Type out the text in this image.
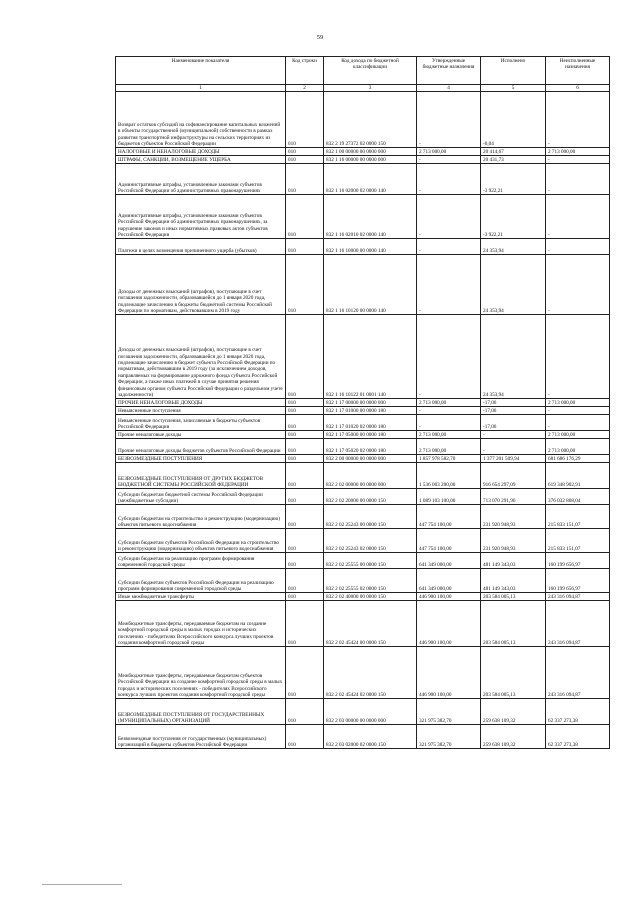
59
Наименование показателя	Код строки	Код дохода по бюджетной классификации	Утвержденные бюджетные назначения	Исполнено	Неисполненные назначения
1	2	3	4	5	6
Возврат остатков субсидий на софинансирование капитальных вложений в объекты государственной (муниципальной) собственности в рамках развития транспортной инфраструктуры на сельских территориях из бюджетов субъектов Российской Федерации	010	832 2 19 27372 02 0000 150	-	-0,04	-
НАЛОГОВЫЕ И НЕНАЛОГОВЫЕ ДОХОДЫ	010	832 1 00 00000 00 0000 000	2 713 000,00	20 414,67	2 713 000,00
ШТРАФЫ, САНКЦИИ, ВОЗМЕЩЕНИЕ УЩЕРБА	010	832 1 16 00000 00 0000 000	-	20 431,73	-
Административные штрафы, установленные законами субъектов Российской Федерации об административных правонарушениях	010	832 1 16 02000 02 0000 140	-	-3 922,21	-
Административные штрафы, установленные законами субъектов Российской Федерации об административных правонарушениях, за нарушение законов и иных нормативных правовых актов субъектов Российской Федерации	010	832 1 16 02010 02 0000 140	-	-3 922,21	-
Платежи в целях возмещения причиненного ущерба (убытков)	010	832 1 16 10000 00 0000 140	-	24 353,94	-
Доходы от денежных взысканий (штрафов), поступающие в счет погашения задолженности, образовавшейся до 1 января 2020 года, подлежащие зачислению в бюджеты бюджетной системы Российской Федерации по нормативам, действовавшим в 2019 году	010	832 1 16 10120 00 0000 140	-	24 353,94	-
Доходы от денежных взысканий (штрафов), поступающие в счет погашения задолженности, образовавшейся до 1 января 2020 года, подлежащие зачислению в бюджет субъекта Российской Федерации по нормативам, действовавшим в 2019 году (за исключением доходов, направляемых на формирование дорожного фонда субъекта Российской Федерации, а также иных платежей в случае принятия решения финансовым органом субъекта Российской Федерации о раздельном учете задолженности)	010	832 1 16 10122 01 0001 140	-	24 353,94	-
ПРОЧИЕ НЕНАЛОГОВЫЕ ДОХОДЫ	010	832 1 17 00000 00 0000 000	2 713 000,00	-17,06	2 713 000,00
Невыясненные поступления	010	832 1 17 01000 00 0000 180	-	-17,06	-
Невыясненные поступления, зачисляемые в бюджеты субъектов Российской Федерации	010	832 1 17 01020 02 0000 180	-	-17,06	-
Прочие неналоговые доходы	010	832 1 17 05000 00 0000 180	2 713 000,00	-	2 713 000,00
Прочие неналоговые доходы бюджетов субъектов Российской Федерации	010	832 1 17 05020 02 0000 180	2 713 000,00	-	2 713 000,00
БЕЗВОЗМЕЗДНЫЕ ПОСТУПЛЕНИЯ	010	832 2 00 00000 00 0000 000	1 857 978 582,70	1 377 201 509,94	681 686 176,29
БЕЗВОЗМЕЗДНЫЕ ПОСТУПЛЕНИЯ ОТ ДРУГИХ БЮДЖЕТОВ БЮДЖЕТНОЙ СИСТЕМЫ РОССИЙСКОЙ ФЕДЕРАЦИИ	010	832 2 02 00000 00 0000 000	1 536 003 200,00	916 654 297,09	619 348 902,91
Субсидии бюджетам бюджетной системы Российской Федерации (межбюджетные субсидии)	010	832 2 02 20000 00 0000 150	1 089 103 100,00	713 070 291,96	376 032 808,04
Субсидии бюджетам на строительство и реконструкцию (модернизацию) объектов питьевого водоснабжения	010	832 2 02 25243 00 0000 150	447 754 100,00	231 920 948,93	215 833 151,07
Субсидии бюджетам субъектов Российской Федерации на строительство и реконструкцию (модернизацию) объектов питьевого водоснабжения	010	832 2 02 25243 02 0000 150	447 754 100,00	231 920 948,93	215 833 151,07
Субсидии бюджетам на реализацию программ формирования современной городской среды	010	832 2 02 25555 00 0000 150	641 349 000,00	481 149 343,03	160 199 656,97
Субсидии бюджетам субъектов Российской Федерации на реализацию программ формирования современной городской среды	010	832 2 02 25555 02 0000 150	641 349 000,00	481 149 343,03	160 199 656,97
Иные межбюджетные трансферты	010	832 2 02 40000 00 0000 150	446 900 100,00	203 584 005,13	243 316 094,87
Межбюджетные трансферты, передаваемые бюджетам на создание комфортной городской среды в малых городах и исторических поселениях - победителях Всероссийского конкурса лучших проектов создания комфортной городской среды	010	832 2 02 45424 00 0000 150	446 900 100,00	203 584 005,13	243 316 094,87
Межбюджетные трансферты, передаваемые бюджетам субъектов Российской Федерации на создание комфортной городской среды в малых городах и исторических поселениях - победителях Всероссийского конкурса лучших проектов создания комфортной городской среды	010	832 2 02 45424 02 0000 150	446 900 100,00	203 584 005,13	243 316 094,87
БЕЗВОЗМЕЗДНЫЕ ПОСТУПЛЕНИЯ ОТ ГОСУДАРСТВЕННЫХ (МУНИЦИПАЛЬНЫХ) ОРГАНИЗАЦИЙ	010	832 2 03 00000 00 0000 000	321 975 382,70	259 638 109,32	62 337 273,38
Безвозмездные поступления от государственных (муниципальных) организаций в бюджеты субъектов Российской Федерации	010	832 2 03 02000 02 0000 150	321 975 382,70	259 638 109,32	62 337 273,38
